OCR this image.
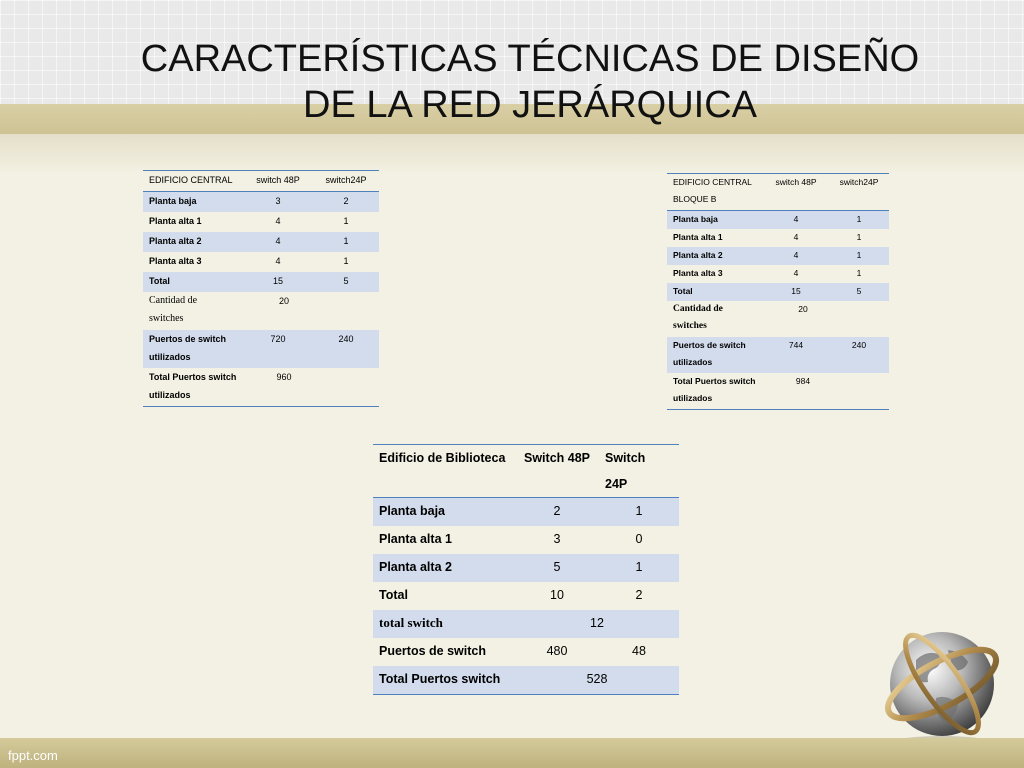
CARACTERÍSTICAS TÉCNICAS DE DISEÑO
DE LA RED JERÁRQUICA
EDIFICIO CENTRAL	switch 48P	switch24P
Planta baja	3	2
Planta alta 1	4	1
Planta alta 2	4	1
Planta alta 3	4	1
Total	15	5

Cantidad de
switches	20	

Puertos de switch
utilizados	720	240

Total Puertos switch
utilizados	960	
EDIFICIO CENTRAL
BLOQUE B	switch 48P	switch24P
Planta baja	4	1
Planta alta 1	4	1
Planta alta 2	4	1
Planta alta 3	4	1
Total	15	5

Cantidad de
switches	20	

Puertos de switch
utilizados	744	240

Total Puertos switch
utilizados	984	
Edificio de Biblioteca	Switch 48P	Switch
24P

Planta baja	2	1
Planta alta 1	3	0
Planta alta 2	5	1
Total	10	2
total switch	12	
Puertos de switch	480	48
Total Puertos switch	528	
fppt.com
